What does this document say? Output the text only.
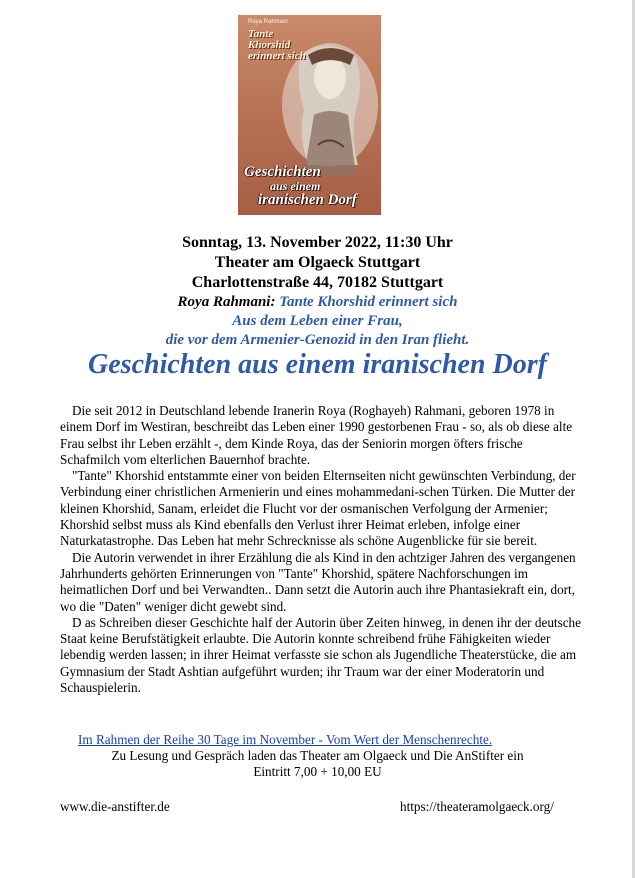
Roya Rahmani
Tante
Khorshid
erinnert sich
Geschichten
aus einem
iranischen Dorf
Sonntag, 13. November 2022, 11:30 Uhr
Theater am Olgaeck Stuttgart
Charlottenstraße 44, 70182 Stuttgart
Roya Rahmani: Tante Khorshid erinnert sich
Aus dem Leben einer Frau,
die vor dem Armenier-Genozid in den Iran flieht.
Geschichten aus einem iranischen Dorf

Die seit 2012 in Deutschland lebende Iranerin Roya (Roghayeh) Rahmani, geboren 1978 in einem Dorf im Westiran, beschreibt das Leben einer 1990 gestorbenen Frau - so, als ob diese alte Frau selbst ihr Leben erzählt -, dem Kinde Roya, das der Seniorin morgen öfters frische Schafmilch vom elterlichen Bauernhof brachte.

"Tante" Khorshid entstammte einer von beiden Elternseiten nicht gewünschten Verbindung, der Verbindung einer christlichen Armenierin und eines mohammedani-schen Türken. Die Mutter der kleinen Khorshid, Sanam, erleidet die Flucht vor der osmanischen Verfolgung der Armenier; Khorshid selbst muss als Kind ebenfalls den Verlust ihrer Heimat erleben, infolge einer Naturkatastrophe. Das Leben hat mehr Schrecknisse als schöne Augenblicke für sie bereit.

Die Autorin verwendet in ihrer Erzählung die als Kind in den achtziger Jahren des vergangenen Jahrhunderts gehörten Erinnerungen von "Tante" Khorshid, spätere Nachforschungen im heimatlichen Dorf und bei Verwandten.. Dann setzt die Autorin auch ihre Phantasiekraft ein, dort, wo die "Daten" weniger dicht gewebt sind.

D as Schreiben dieser Geschichte half der Autorin über Zeiten hinweg, in denen ihr der deutsche Staat keine Berufstätigkeit erlaubte. Die Autorin konnte schreibend frühe Fähigkeiten wieder lebendig werden lassen; in ihrer Heimat verfasste sie schon als Jugendliche Theaterstücke, die am Gymnasium der Stadt Ashtian aufgeführt wurden; ihr Traum war der einer Moderatorin und Schauspielerin.

Im Rahmen der Reihe 30 Tage im November - Vom Wert der Menschenrechte.
Zu Lesung und Gespräch laden das Theater am Olgaeck und Die AnStifter ein
Eintritt 7,00 + 10,00 EU
www.die-anstifter.de	https://theateramolgaeck.org/
